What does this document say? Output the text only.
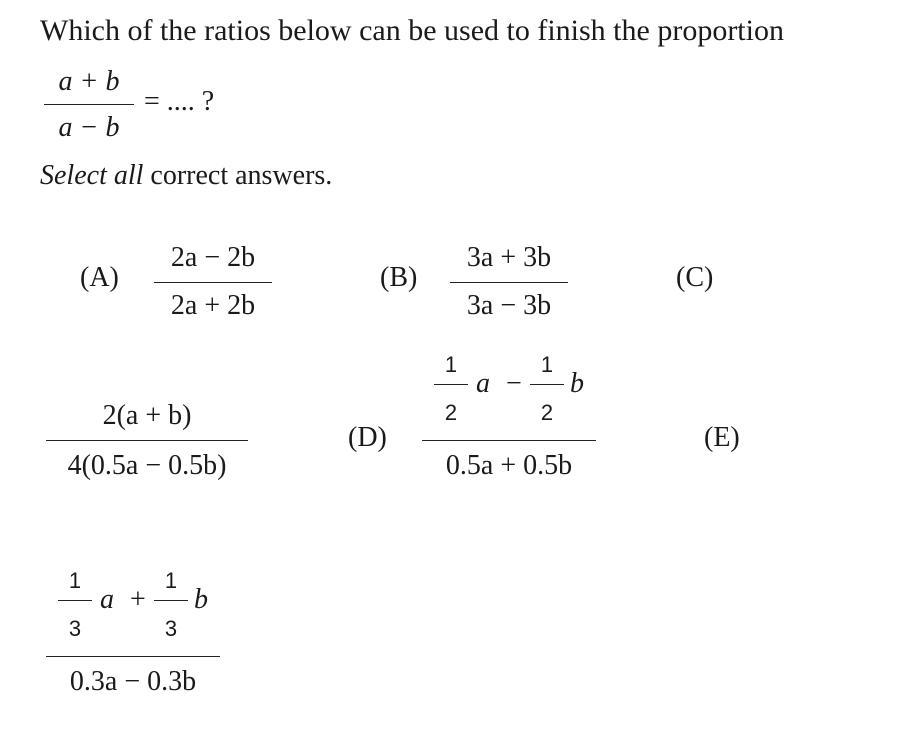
Which of the ratios below can be used to finish the proportion
a + b
a − b
= .... ?
Select all correct answers.
(A)
2a − 2b
2a + 2b
(B)
3a + 3b
3a − 3b
(C)
2(a + b)
4(0.5a − 0.5b)
(D)
1
2
a −
1
2
b
0.5a + 0.5b
(E)
1
3
a +
1
3
b
0.3a − 0.3b
